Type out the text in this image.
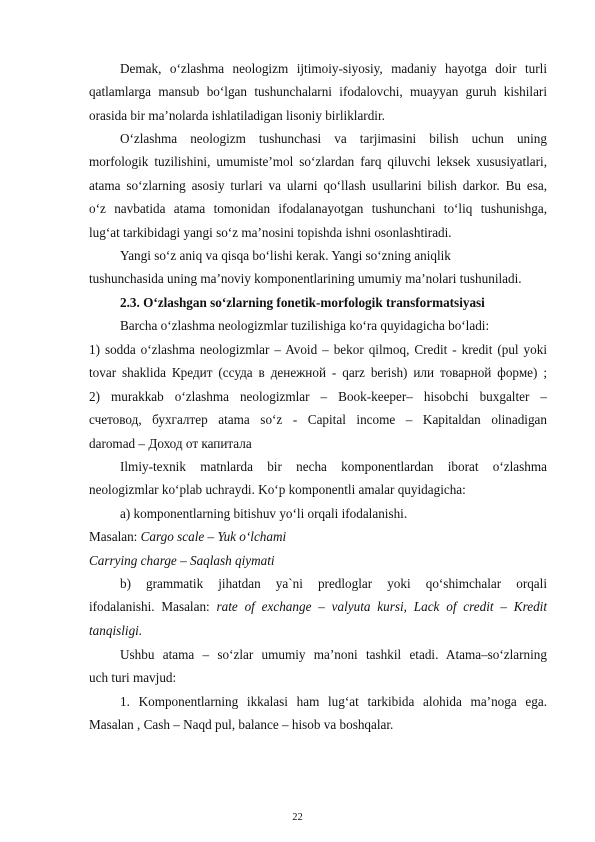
Demak, o‘zlashma neologizm ijtimoiy-siyosiy, madaniy hayotga doir turli
qatlamlarga mansub bo‘lgan tushunchalarni ifodalovchi, muayyan guruh kishilari
orasida bir ma’nolarda ishlatiladigan lisoniy birliklardir.

O‘zlashma neologizm tushunchasi va tarjimasini bilish uchun uning
morfologik tuzilishini, umumiste’mol so‘zlardan farq qiluvchi leksek xususiyatlari,
atama so‘zlarning asosiy turlari va ularni qo‘llash usullarini bilish darkor. Bu esa,
o‘z navbatida atama tomonidan ifodalanayotgan tushunchani to‘liq tushunishga,
lug‘at tarkibidagi yangi so‘z ma’nosini topishda ishni osonlashtiradi.

Yangi so‘z aniq va qisqa bo‘lishi kerak. Yangi so‘zning aniqlik
tushunchasida uning ma’noviy komponentlarining umumiy ma’nolari tushuniladi.

2.3. O‘zlashgan so‘zlarning fonetik-morfologik transformatsiyasi

Barcha o‘zlashma neologizmlar tuzilishiga ko‘ra quyidagicha bo‘ladi:

1) sodda o‘zlashma neologizmlar – Avoid – bekor qilmoq, Credit - kredit (pul yoki
tovar shaklida Кредит (ссуда в денежной - qarz berish) или товарной форме) ;
2) murakkab o‘zlashma neologizmlar – Book-keeper– hisobchi buxgalter –
счетовод, бухгалтер atama so‘z - Capital income – Kapitaldan olinadigan
daromad – Доход от капитала

Ilmiy-texnik matnlarda bir necha komponentlardan iborat o‘zlashma
neologizmlar ko‘plab uchraydi. Ko‘p komponentli amalar quyidagicha:

a) komponentlarning bitishuv yo‘li orqali ifodalanishi.

Masalan: Cargo scale – Yuk o‘lchami

Carrying charge – Saqlash qiymati

b) grammatik jihatdan ya`ni predloglar yoki qo‘shimchalar orqali
ifodalanishi. Masalan: rate of exchange – valyuta kursi, Lack of credit – Kredit
tanqisligi.

Ushbu atama – so‘zlar umumiy ma’noni tashkil etadi. Atama–so‘zlarning
uch turi mavjud:

1. Komponentlarning ikkalasi ham lug‘at tarkibida alohida ma’noga ega.
Masalan , Cash – Naqd pul, balance – hisob va boshqalar.

22
